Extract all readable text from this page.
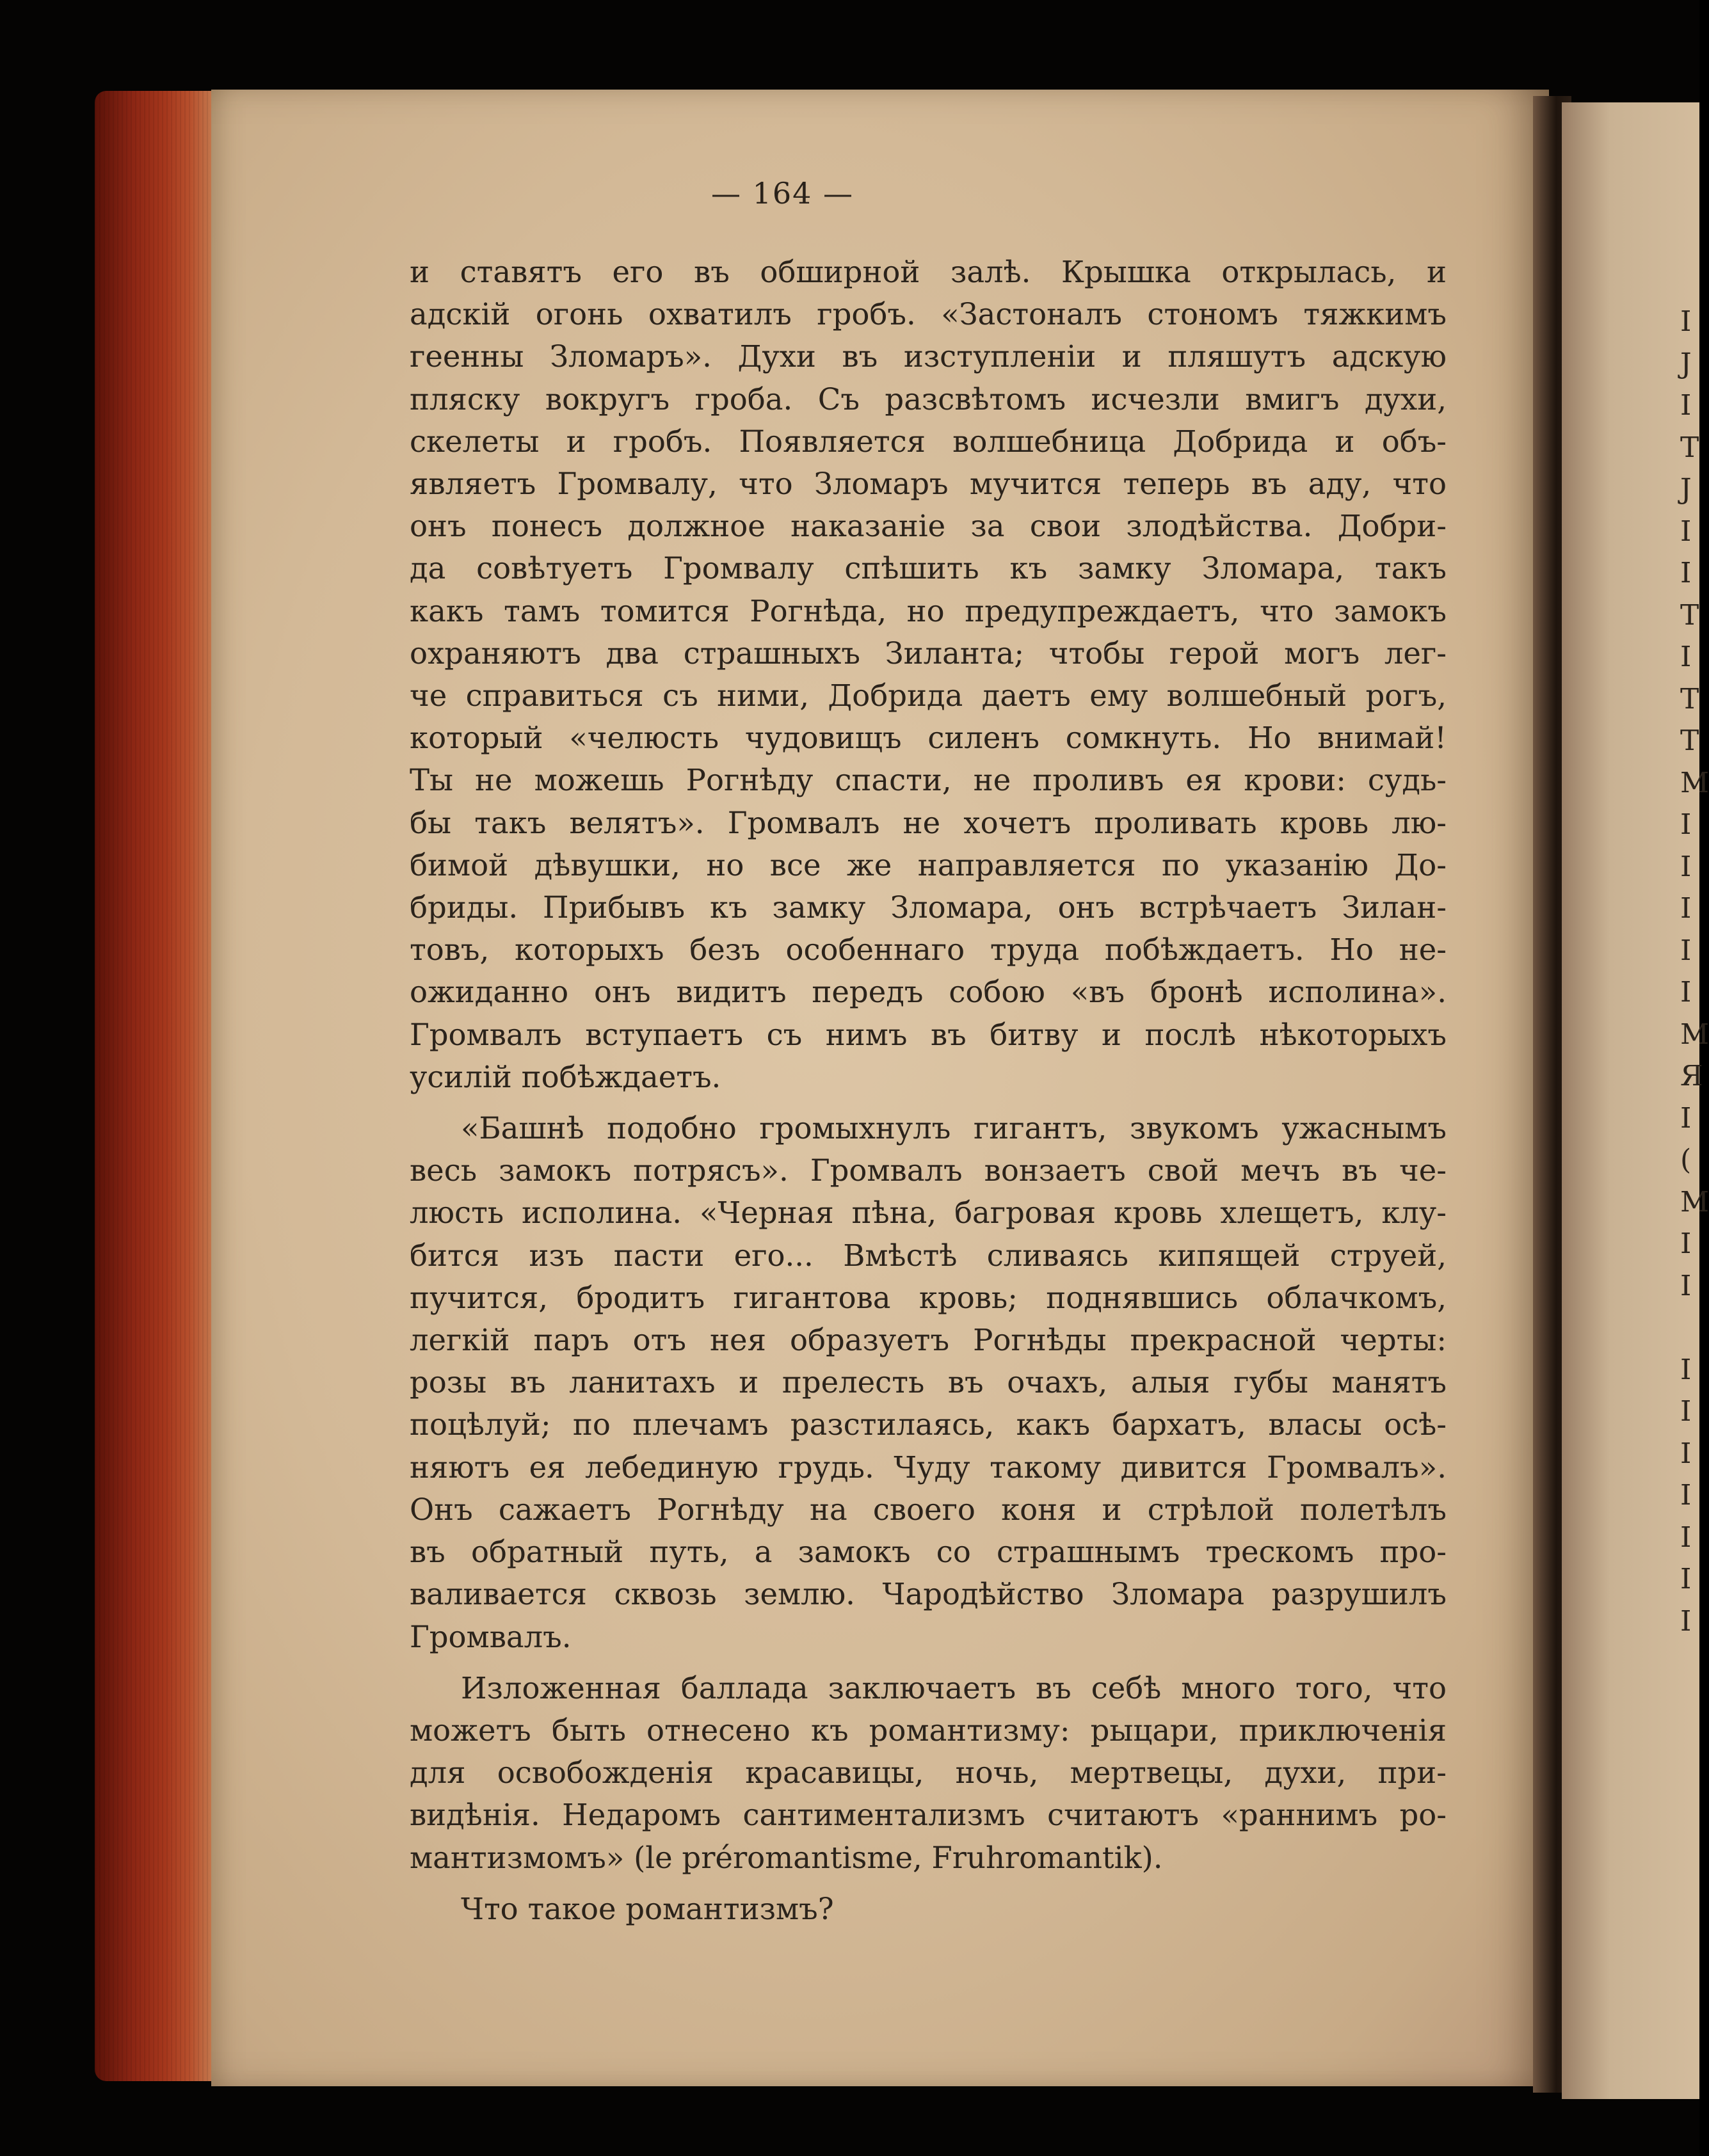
I
J
I
T
J
I
I
T
I
T
T
M
I
I
I
I
I
M
Я
I
(
M
I
I
I
I
I
I
I
I
I
— 164 —
и ставятъ его въ обширной залѣ. Крышка открылась, и
адскій огонь охватилъ гробъ. «Застоналъ стономъ тяжкимъ
геенны Зломаръ». Духи въ изступленіи и пляшутъ адскую
пляску вокругъ гроба. Съ разсвѣтомъ исчезли вмигъ духи,
скелеты и гробъ. Появляется волшебница Добрида и объ-
являетъ Громвалу, что Зломаръ мучится теперь въ аду, что
онъ понесъ должное наказаніе за свои злодѣйства. Добри-
да совѣтуетъ Громвалу спѣшить къ замку Зломара, такъ
какъ тамъ томится Рогнѣда, но предупреждаетъ, что замокъ
охраняютъ два страшныхъ Зиланта; чтобы герой могъ лег-
че справиться съ ними, Добрида даетъ ему волшебный рогъ,
который «челюсть чудовищъ силенъ сомкнуть. Но внимай!
Ты не можешь Рогнѣду спасти, не проливъ ея крови: судь-
бы такъ велятъ». Громвалъ не хочетъ проливать кровь лю-
бимой дѣвушки, но все же направляется по указанію До-
бриды. Прибывъ къ замку Зломара, онъ встрѣчаетъ Зилан-
товъ, которыхъ безъ особеннаго труда побѣждаетъ. Но не-
ожиданно онъ видитъ передъ собою «въ бронѣ исполина».
Громвалъ вступаетъ съ нимъ въ битву и послѣ нѣкоторыхъ
усилій побѣждаетъ.
«Башнѣ подобно громыхнулъ гигантъ, звукомъ ужаснымъ
весь замокъ потрясъ». Громвалъ вонзаетъ свой мечъ въ че-
люсть исполина. «Черная пѣна, багровая кровь хлещетъ, клу-
бится изъ пасти его... Вмѣстѣ сливаясь кипящей струей,
пучится, бродитъ гигантова кровь; поднявшись облачкомъ,
легкій паръ отъ нея образуетъ Рогнѣды прекрасной черты:
розы въ ланитахъ и прелесть въ очахъ, алыя губы манятъ
поцѣлуй; по плечамъ разстилаясь, какъ бархатъ, власы осѣ-
няютъ ея лебединую грудь. Чуду такому дивится Громвалъ».
Онъ сажаетъ Рогнѣду на своего коня и стрѣлой полетѣлъ
въ обратный путь, а замокъ со страшнымъ трескомъ про-
валивается сквозь землю. Чародѣйство Зломара разрушилъ
Громвалъ.
Изложенная баллада заключаетъ въ себѣ много того, что
можетъ быть отнесено къ романтизму: рыцари, приключенія
для освобожденія красавицы, ночь, мертвецы, духи, при-
видѣнія. Недаромъ сантиментализмъ считаютъ «раннимъ ро-
мантизмомъ» (le préromantisme, Fruhromantik).
Что такое романтизмъ?
